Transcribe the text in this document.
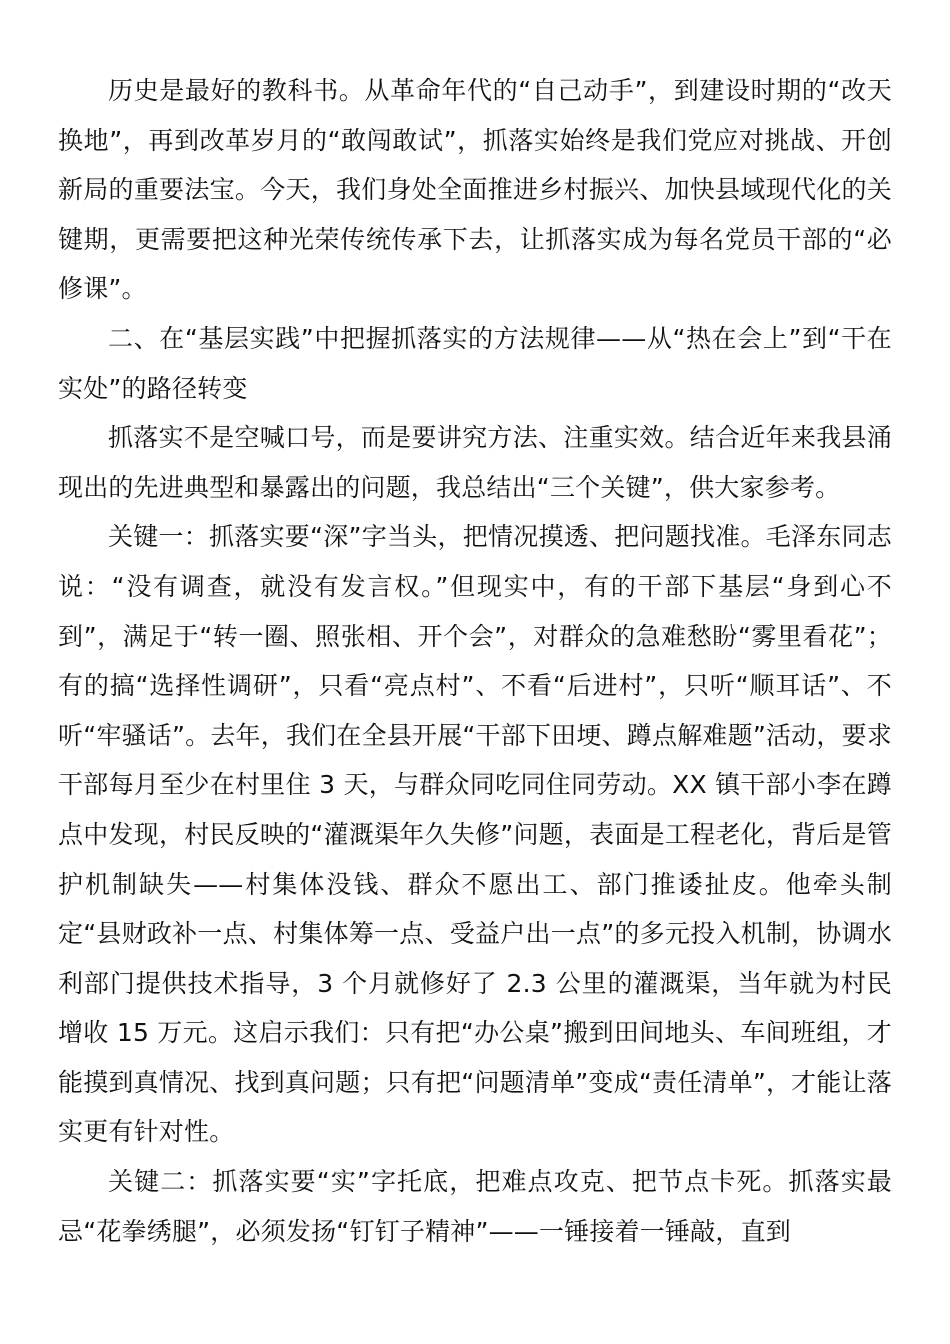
历史是最好的教科书。从革命年代的“自己动手”，到建设时期的“改天换地”，再到改革岁月的“敢闯敢试”，抓落实始终是我们党应对挑战、开创新局的重要法宝。今天，我们身处全面推进乡村振兴、加快县域现代化的关键期，更需要把这种光荣传统传承下去，让抓落实成为每名党员干部的“必修课”。

二、在“基层实践”中把握抓落实的方法规律——从“热在会上”到“干在实处”的路径转变

抓落实不是空喊口号，而是要讲究方法、注重实效。结合近年来我县涌现出的先进典型和暴露出的问题，我总结出“三个关键”，供大家参考。

关键一：抓落实要“深”字当头，把情况摸透、把问题找准。毛泽东同志说：“没有调查，就没有发言权。”但现实中，有的干部下基层“身到心不到”，满足于“转一圈、照张相、开个会”，对群众的急难愁盼“雾里看花”；有的搞“选择性调研”，只看“亮点村”、不看“后进村”，只听“顺耳话”、不听“牢骚话”。去年，我们在全县开展“干部下田埂、蹲点解难题”活动，要求干部每月至少在村里住 3 天，与群众同吃同住同劳动。XX 镇干部小李在蹲点中发现，村民反映的“灌溉渠年久失修”问题，表面是工程老化，背后是管护机制缺失——村集体没钱、群众不愿出工、部门推诿扯皮。他牵头制定“县财政补一点、村集体筹一点、受益户出一点”的多元投入机制，协调水利部门提供技术指导，3 个月就修好了 2.3 公里的灌溉渠，当年就为村民增收 15 万元。这启示我们：只有把“办公桌”搬到田间地头、车间班组，才能摸到真情况、找到真问题；只有把“问题清单”变成“责任清单”，才能让落实更有针对性。

关键二：抓落实要“实”字托底，把难点攻克、把节点卡死。抓落实最忌“花拳绣腿”，必须发扬“钉钉子精神”——一锤接着一锤敲，直到
